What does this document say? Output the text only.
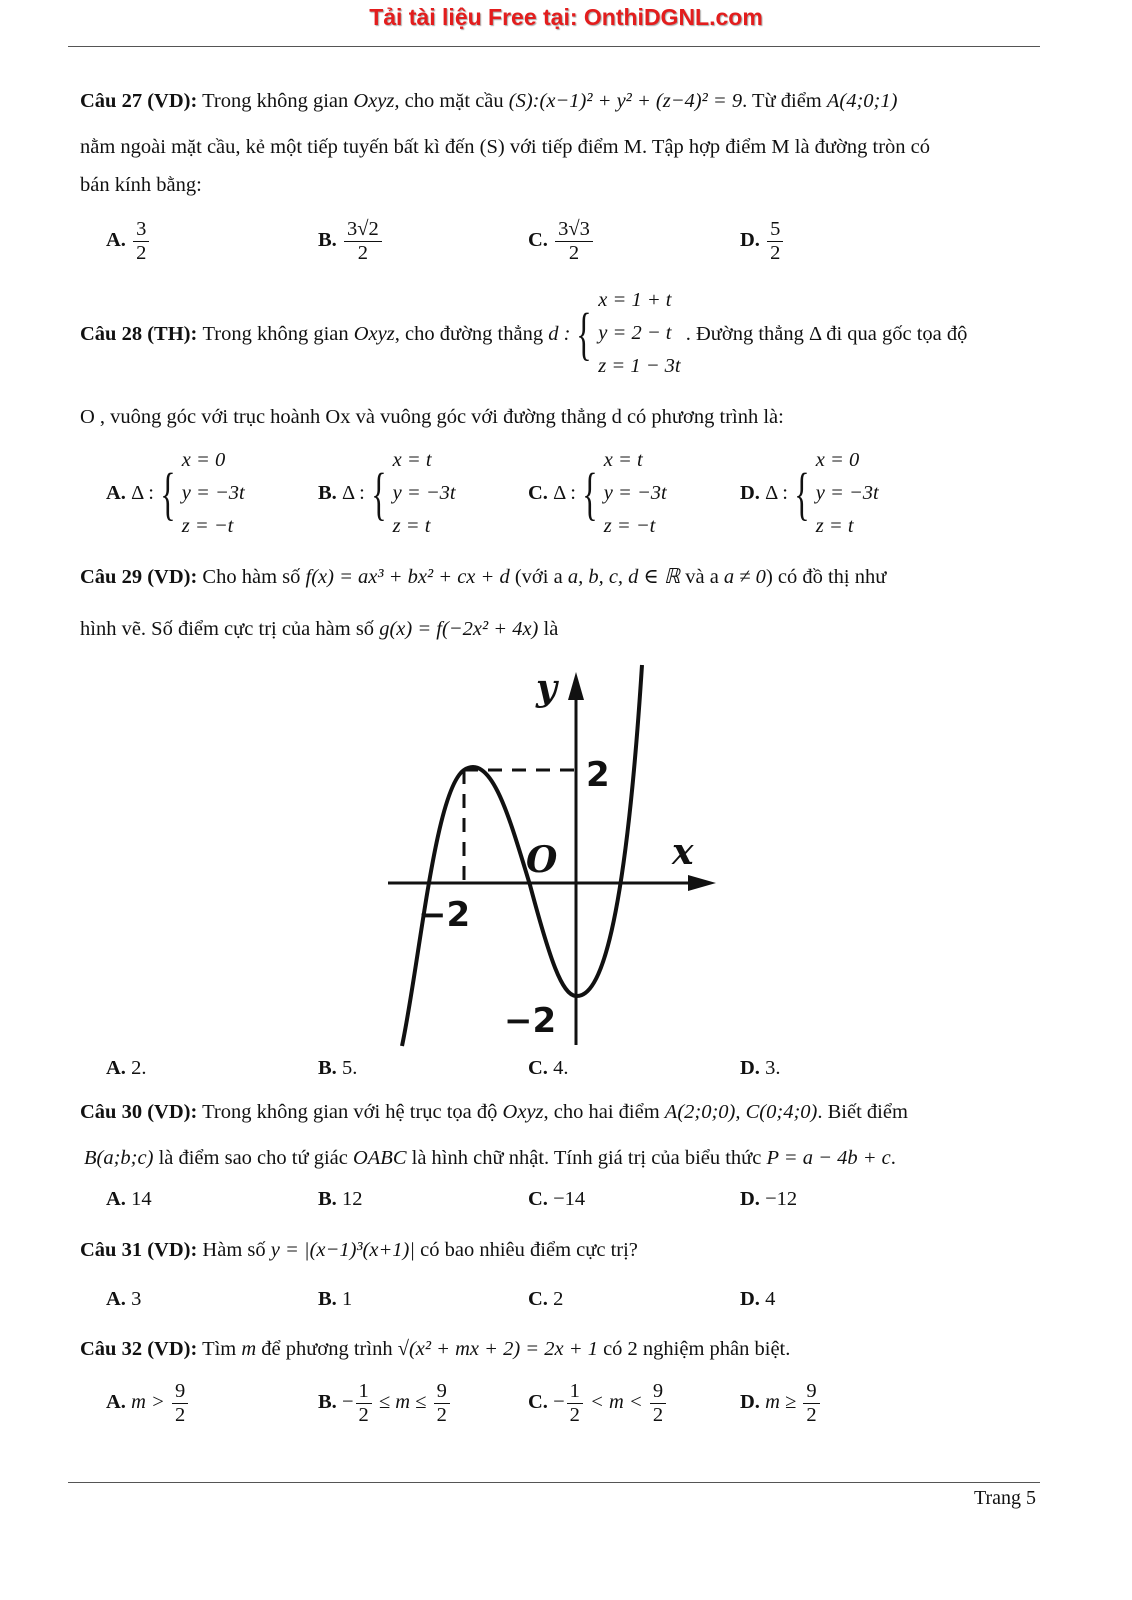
Tải tài liệu Free tại: OnthiDGNL.com
Câu 27 (VD): Trong không gian Oxyz, cho mặt cầu (S):(x−1)² + y² + (z−4)² = 9. Từ điểm A(4;0;1)
nằm ngoài mặt cầu, kẻ một tiếp tuyến bất kì đến (S) với tiếp điểm M. Tập hợp điểm M là đường tròn có
bán kính bằng:
A. $\frac{3}{2}$	B. $\frac{3√2}{2}$	C. $\frac{3√3}{2}$	D. $\frac{5}{2}$
Câu 28 (TH):
Trong không gian
Oxyz , cho đường thẳng
d : {
x = 1 + t
y = 2 − t
z = 1 − 3t

. Đường thẳng Δ đi qua gốc tọa độ
O , vuông góc với trục hoành Ox và vuông góc với đường thẳng d có phương trình là:
A.
Δ : {
x = 0
y = −3t
z = −t
B.
Δ : {
x = t
y = −3t
z = t
C.
Δ : {
x = t
y = −3t
z = −t
D.
Δ : {
x = 0
y = −3t
z = t
Câu 29 (VD): Cho hàm số f(x) = ax³ + bx² + cx + d (với a a, b, c, d ∈ ℝ và a a ≠ 0) có đồ thị như
hình vẽ. Số điểm cực trị của hàm số g(x) = f(−2x² + 4x) là
y
x
O
2
−2
−2
A. 2.	B. 5.	C. 4.	D. 3.
Câu 30 (VD): Trong không gian với hệ trục tọa độ Oxyz, cho hai điểm A(2;0;0), C(0;4;0). Biết điểm
B(a;b;c) là điểm sao cho tứ giác OABC là hình chữ nhật. Tính giá trị của biểu thức P = a − 4b + c.
A. 14	B. 12	C. −14	D. −12
Câu 31 (VD): Hàm số y = |(x−1)³(x+1)| có bao nhiêu điểm cực trị?
A. 3	B. 1	C. 2	D. 4
Câu 32 (VD): Tìm m để phương trình √(x² + mx + 2) = 2x + 1 có 2 nghiệm phân biệt.
A. $m > \frac{9}{2}$	B. − $\frac{1}{2} \le m \le \frac{9}{2}$	C. − $\frac{1}{2} < m < \frac{9}{2}$	D. $m \ge \frac{9}{2}$
Trang 5
